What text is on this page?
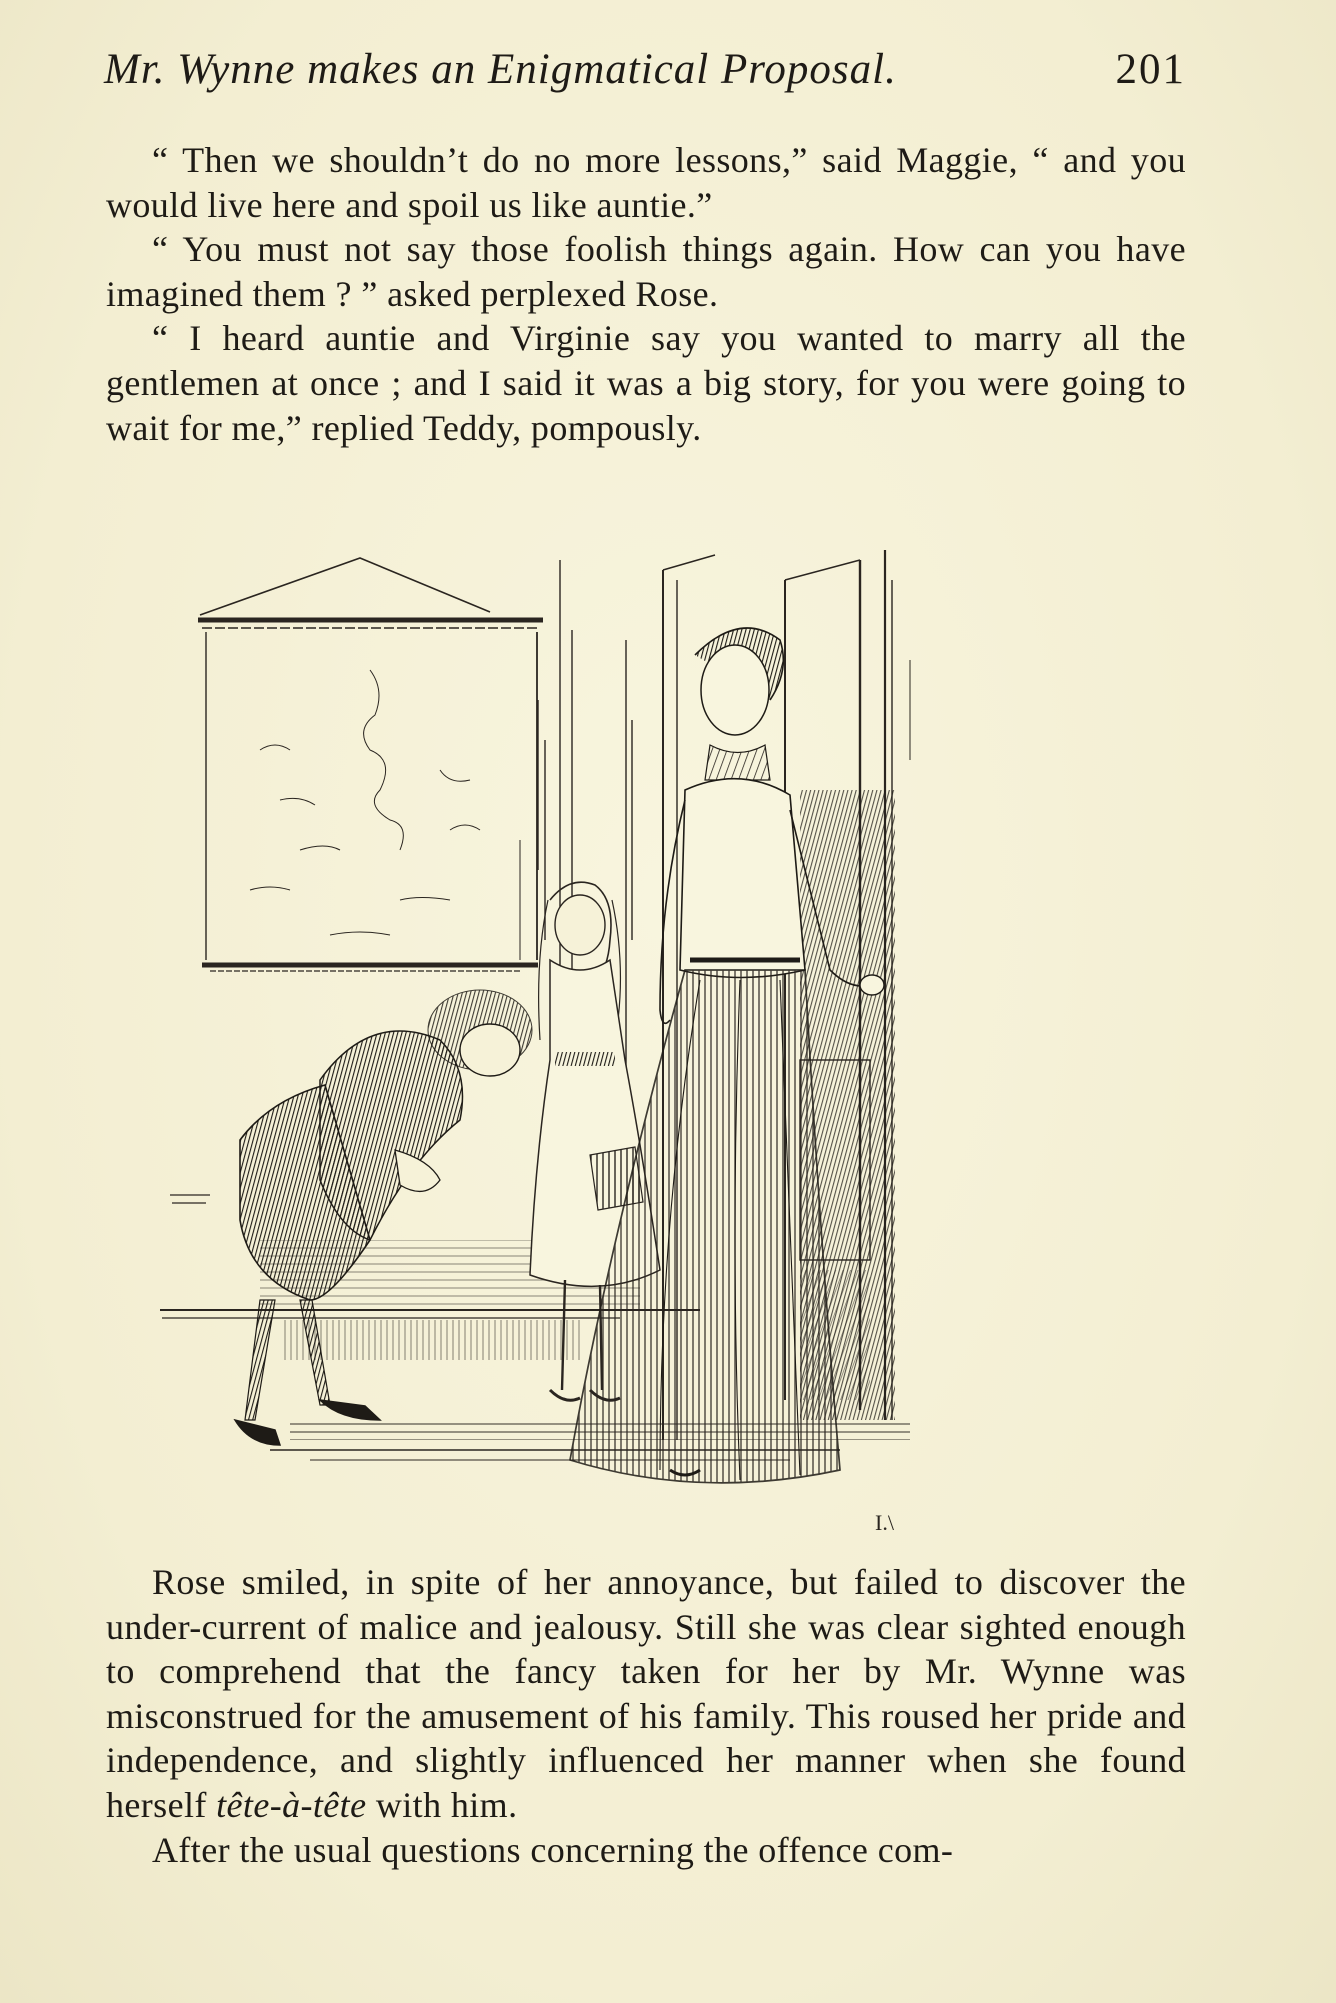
Mr. Wynne makes an Enigmatical Proposal.	201

“ Then we shouldn’t do no more lessons,” said Maggie, “ and you would live here and spoil us like auntie.”

“ You must not say those foolish things again. How can you have imagined them ? ” asked perplexed Rose.

“ I heard auntie and Virginie say you wanted to marry all the gentlemen at once ; and I said it was a big story, for you were going to wait for me,” replied Teddy, pompously.

I.\

Rose smiled, in spite of her annoyance, but failed to discover the under-current of malice and jealousy. Still she was clear sighted enough to comprehend that the fancy taken for her by Mr. Wynne was misconstrued for the amusement of his family. This roused her pride and independence, and slightly influenced her manner when she found herself tête-à-tête with him.

After the usual questions concerning the offence com-
